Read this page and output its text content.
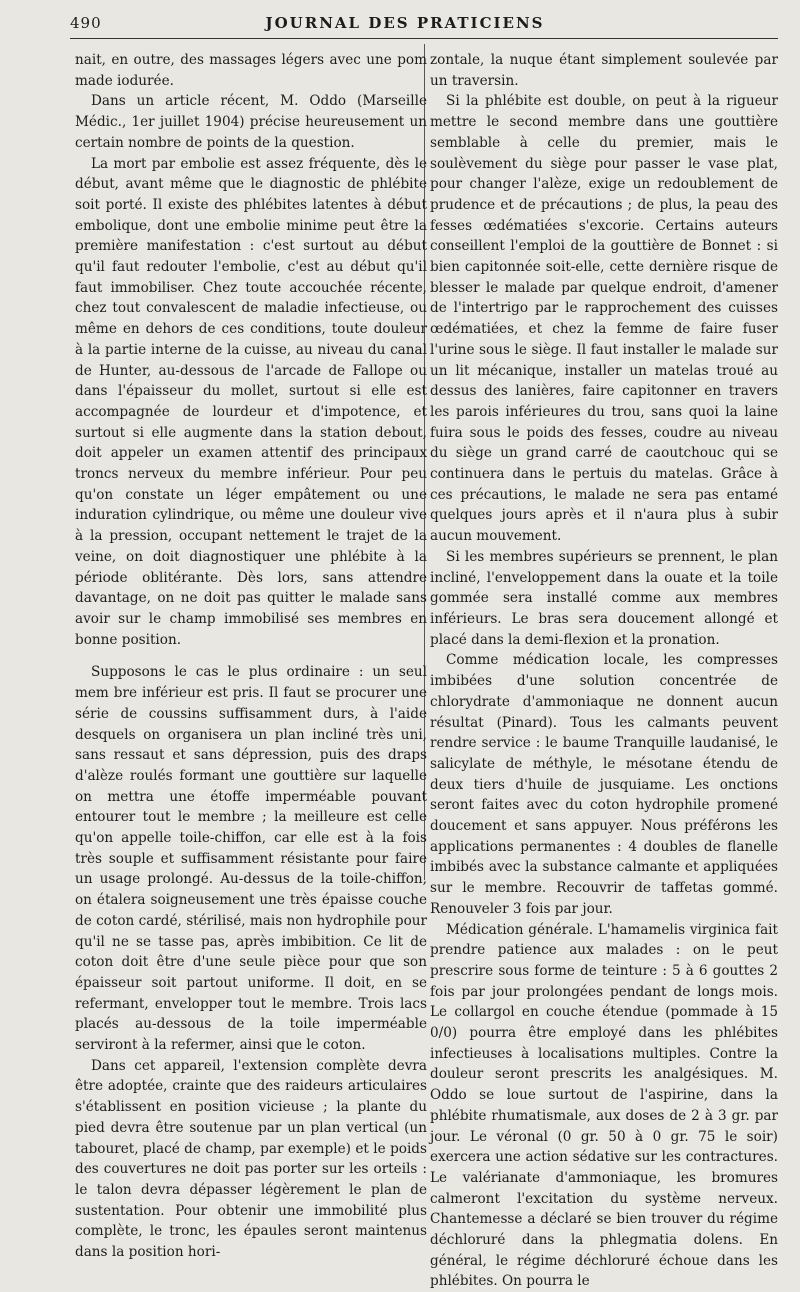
490	JOURNAL DES PRATICIENS

nait, en outre, des massages légers avec une pom made iodurée.

Dans un article récent, M. Oddo (Marseille Médic., 1er juillet 1904) précise heureusement un certain nombre de points de la question.

La mort par embolie est assez fréquente, dès le début, avant même que le diagnostic de phlébite soit porté. Il existe des phlébites latentes à début embolique, dont une embolie minime peut être la première manifestation : c'est surtout au début qu'il faut redouter l'embolie, c'est au début qu'il faut immobiliser. Chez toute accouchée récente, chez tout convalescent de maladie infectieuse, ou même en dehors de ces conditions, toute douleur à la partie interne de la cuisse, au niveau du canal de Hunter, au-dessous de l'arcade de Fallope ou dans l'épaisseur du mollet, surtout si elle est accompagnée de lourdeur et d'impotence, et surtout si elle augmente dans la station debout, doit appeler un examen attentif des principaux troncs nerveux du membre inférieur. Pour peu qu'on constate un léger empâtement ou une induration cylindrique, ou même une douleur vive à la pression, occupant nettement le trajet de la veine, on doit diagnostiquer une phlébite à la période oblitérante. Dès lors, sans attendre davantage, on ne doit pas quitter le malade sans avoir sur le champ immobilisé ses membres en bonne position.

Supposons le cas le plus ordinaire : un seul mem bre inférieur est pris. Il faut se procurer une série de coussins suffisamment durs, à l'aide desquels on organisera un plan incliné très uni, sans ressaut et sans dépression, puis des draps d'alèze roulés formant une gouttière sur laquelle on mettra une étoffe imperméable pouvant entourer tout le membre ; la meilleure est celle qu'on appelle toile-chiffon, car elle est à la fois très souple et suffisamment résistante pour faire un usage prolongé. Au-dessus de la toile-chiffon, on étalera soigneusement une très épaisse couche de coton cardé, stérilisé, mais non hydrophile pour qu'il ne se tasse pas, après imbibition. Ce lit de coton doit être d'une seule pièce pour que son épaisseur soit partout uniforme. Il doit, en se refermant, envelopper tout le membre. Trois lacs placés au-dessous de la toile imperméable serviront à la refermer, ainsi que le coton.

Dans cet appareil, l'extension complète devra être adoptée, crainte que des raideurs articulaires s'établissent en position vicieuse ; la plante du pied devra être soutenue par un plan vertical (un tabouret, placé de champ, par exemple) et le poids des couvertures ne doit pas porter sur les orteils : le talon devra dépasser légèrement le plan de sustentation. Pour obtenir une immobilité plus complète, le tronc, les épaules seront maintenus dans la position hori-

zontale, la nuque étant simplement soulevée par un traversin.

Si la phlébite est double, on peut à la rigueur mettre le second membre dans une gouttière semblable à celle du premier, mais le soulèvement du siège pour passer le vase plat, pour changer l'alèze, exige un redoublement de prudence et de précautions ; de plus, la peau des fesses œdématiées s'excorie. Certains auteurs conseillent l'emploi de la gouttière de Bonnet : si bien capitonnée soit-elle, cette dernière risque de blesser le malade par quelque endroit, d'amener de l'intertrigo par le rapprochement des cuisses œdématiées, et chez la femme de faire fuser l'urine sous le siège. Il faut installer le malade sur un lit mécanique, installer un matelas troué au dessus des lanières, faire capitonner en travers les parois inférieures du trou, sans quoi la laine fuira sous le poids des fesses, coudre au niveau du siège un grand carré de caoutchouc qui se continuera dans le pertuis du matelas. Grâce à ces précautions, le malade ne sera pas entamé quelques jours après et il n'aura plus à subir aucun mouvement.

Si les membres supérieurs se prennent, le plan incliné, l'enveloppement dans la ouate et la toile gommée sera installé comme aux membres inférieurs. Le bras sera doucement allongé et placé dans la demi-flexion et la pronation.

Comme médication locale, les compresses imbibées d'une solution concentrée de chlorydrate d'ammoniaque ne donnent aucun résultat (Pinard). Tous les calmants peuvent rendre service : le baume Tranquille laudanisé, le salicylate de méthyle, le mésotane étendu de deux tiers d'huile de jusquiame. Les onctions seront faites avec du coton hydrophile promené doucement et sans appuyer. Nous préférons les applications permanentes : 4 doubles de flanelle imbibés avec la substance calmante et appliquées sur le membre. Recouvrir de taffetas gommé. Renouveler 3 fois par jour.

Médication générale. L'hamamelis virginica fait prendre patience aux malades : on le peut prescrire sous forme de teinture : 5 à 6 gouttes 2 fois par jour prolongées pendant de longs mois. Le collargol en couche étendue (pommade à 15 0/0) pourra être employé dans les phlébites infectieuses à localisations multiples. Contre la douleur seront prescrits les analgésiques. M. Oddo se loue surtout de l'aspirine, dans la phlébite rhumatismale, aux doses de 2 à 3 gr. par jour. Le véronal (0 gr. 50 à 0 gr. 75 le soir) exercera une action sédative sur les contractures. Le valérianate d'ammoniaque, les bromures calmeront l'excitation du système nerveux. Chantemesse a déclaré se bien trouver du régime déchloruré dans la phlegmatia dolens. En général, le régime déchloruré échoue dans les phlébites. On pourra le
